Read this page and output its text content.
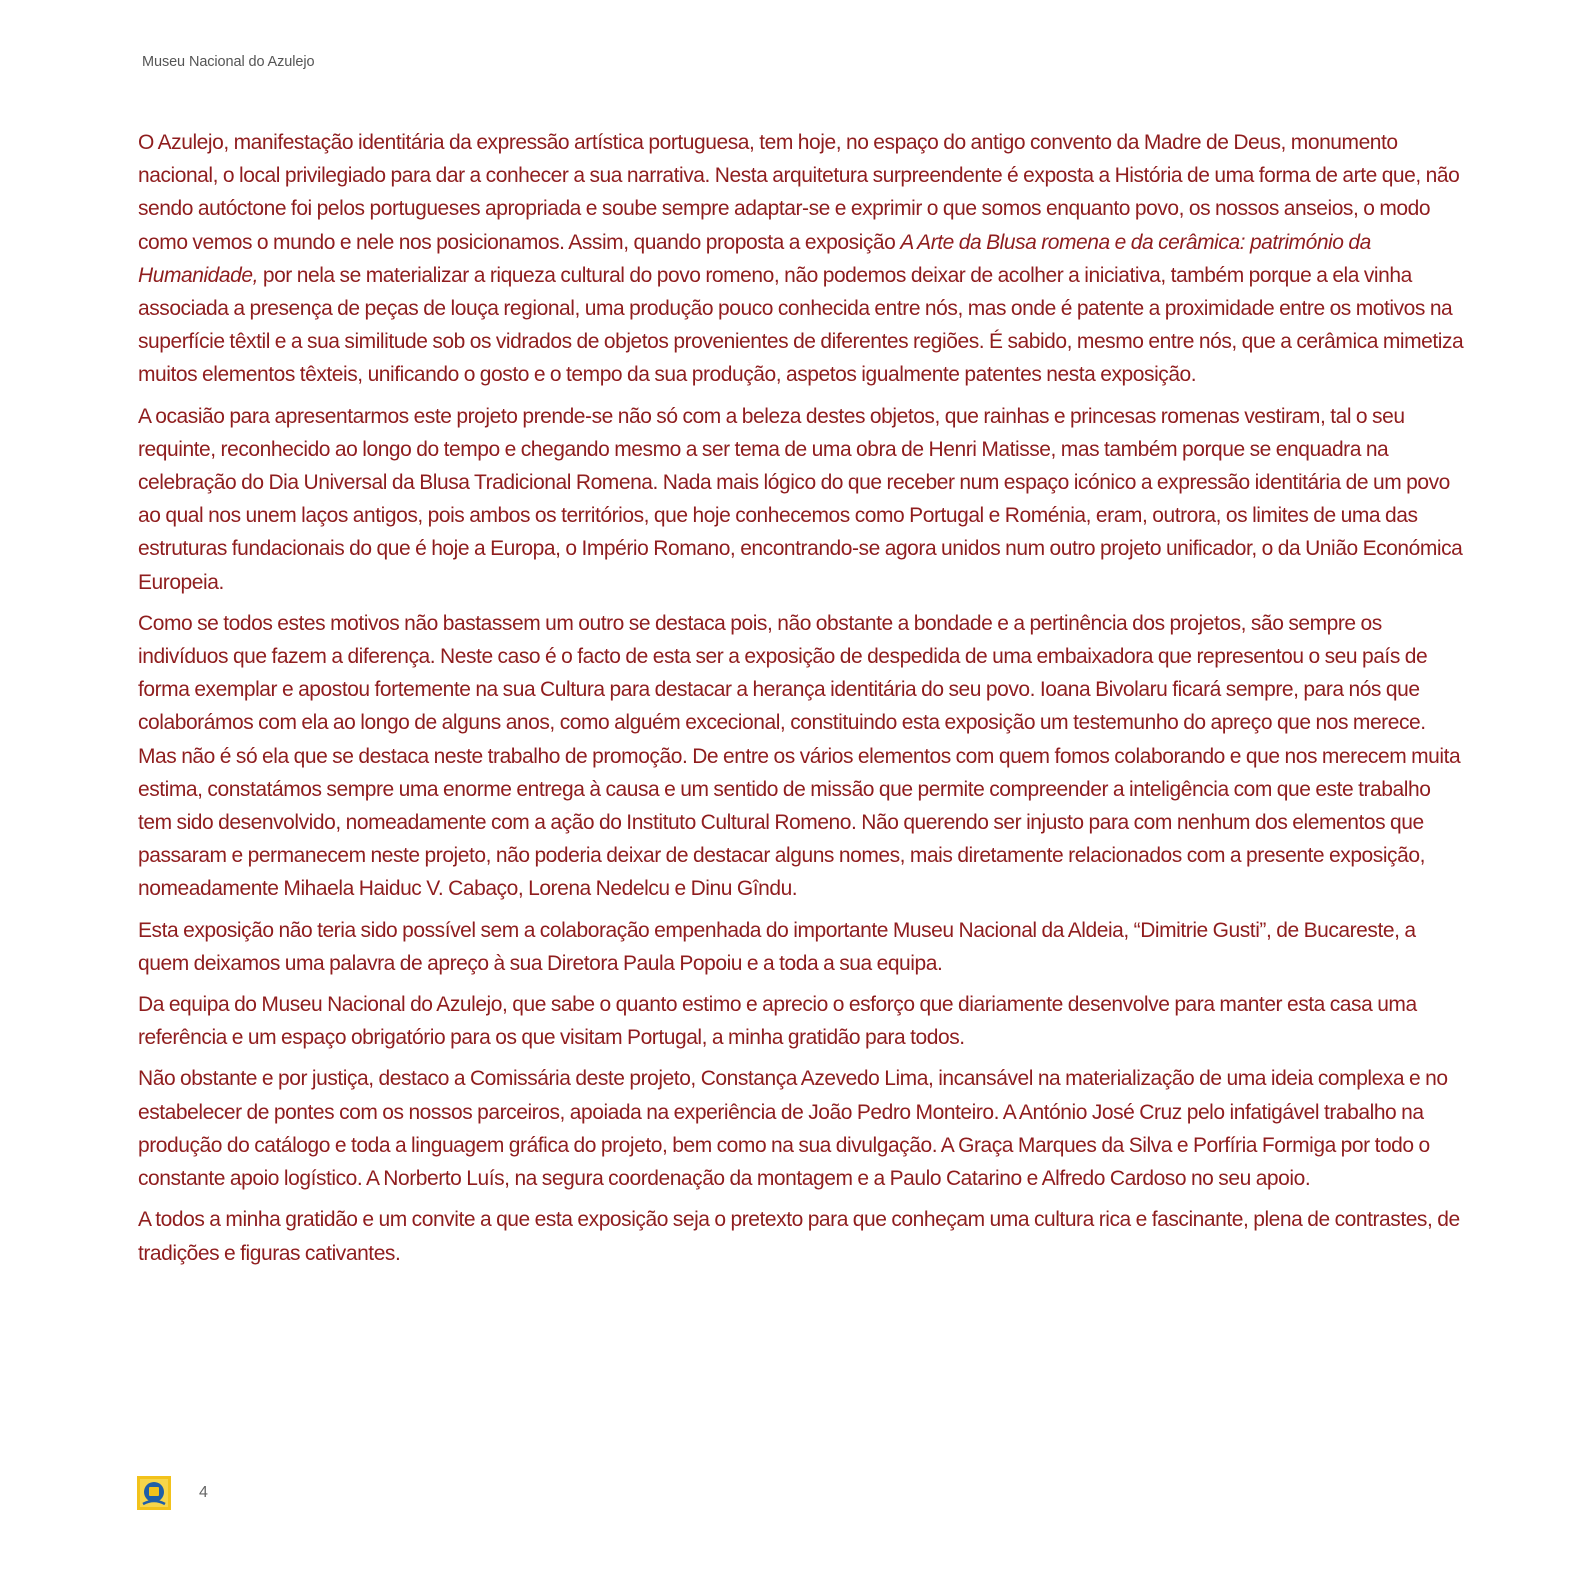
Museu Nacional do Azulejo

O Azulejo, manifestação identitária da expressão artística portuguesa, tem hoje, no espaço do antigo convento da Madre de Deus, monumento nacional, o local privilegiado para dar a conhecer a sua narrativa. Nesta arquitetura surpreendente é exposta a História de uma forma de arte que, não sendo autóctone foi pelos portugueses apropriada e soube sempre adaptar-se e exprimir o que somos enquanto povo, os nossos anseios, o modo como vemos o mundo e nele nos posicionamos. Assim, quando proposta a exposição A Arte da Blusa romena e da cerâmica: património da Humanidade, por nela se materializar a riqueza cultural do povo romeno, não podemos deixar de acolher a iniciativa, também porque a ela vinha associada a presença de peças de louça regional, uma produção pouco conhecida entre nós, mas onde é patente a proximidade entre os motivos na superfície têxtil e a sua similitude sob os vidrados de objetos provenientes de diferentes regiões. É sabido, mesmo entre nós, que a cerâmica mimetiza muitos elementos têxteis, unificando o gosto e o tempo da sua produção, aspetos igualmente patentes nesta exposição.

A ocasião para apresentarmos este projeto prende-se não só com a beleza destes objetos, que rainhas e princesas romenas vestiram, tal o seu requinte, reconhecido ao longo do tempo e chegando mesmo a ser tema de uma obra de Henri Matisse, mas também porque se enquadra na celebração do Dia Universal da Blusa Tradicional Romena. Nada mais lógico do que receber num espaço icónico a expressão identitária de um povo ao qual nos unem laços antigos, pois ambos os territórios, que hoje conhecemos como Portugal e Roménia, eram, outrora, os limites de uma das estruturas fundacionais do que é hoje a Europa, o Império Romano, encontrando-se agora unidos num outro projeto unificador, o da União Económica Europeia.

Como se todos estes motivos não bastassem um outro se destaca pois, não obstante a bondade e a pertinência dos projetos, são sempre os indivíduos que fazem a diferença. Neste caso é o facto de esta ser a exposição de despedida de uma embaixadora que representou o seu país de forma exemplar e apostou fortemente na sua Cultura para destacar a herança identitária do seu povo. Ioana Bivolaru ficará sempre, para nós que colaborámos com ela ao longo de alguns anos, como alguém excecional, constituindo esta exposição um testemunho do apreço que nos merece. Mas não é só ela que se destaca neste trabalho de promoção. De entre os vários elementos com quem fomos colaborando e que nos merecem muita estima, constatámos sempre uma enorme entrega à causa e um sentido de missão que permite compreender a inteligência com que este trabalho tem sido desenvolvido, nomeadamente com a ação do Instituto Cultural Romeno. Não querendo ser injusto para com nenhum dos elementos que passaram e permanecem neste projeto, não poderia deixar de destacar alguns nomes, mais diretamente relacionados com a presente exposição, nomeadamente Mihaela Haiduc V. Cabaço, Lorena Nedelcu e Dinu Gîndu.

Esta exposição não teria sido possível sem a colaboração empenhada do importante Museu Nacional da Aldeia, “Dimitrie Gusti”, de Bucareste, a quem deixamos uma palavra de apreço à sua Diretora Paula Popoiu e a toda a sua equipa.

Da equipa do Museu Nacional do Azulejo, que sabe o quanto estimo e aprecio o esforço que diariamente desenvolve para manter esta casa uma referência e um espaço obrigatório para os que visitam Portugal, a minha gratidão para todos.

Não obstante e por justiça, destaco a Comissária deste projeto, Constança Azevedo Lima, incansável na materialização de uma ideia complexa e no estabelecer de pontes com os nossos parceiros, apoiada na experiência de João Pedro Monteiro. A António José Cruz pelo infatigável trabalho na produção do catálogo e toda a linguagem gráfica do projeto, bem como na sua divulgação. A Graça Marques da Silva e Porfíria Formiga por todo o constante apoio logístico. A Norberto Luís, na segura coordenação da montagem e a Paulo Catarino e Alfredo Cardoso no seu apoio.

A todos a minha gratidão e um convite a que esta exposição seja o pretexto para que conheçam uma cultura rica e fascinante, plena de contrastes, de tradições e figuras cativantes.

4
